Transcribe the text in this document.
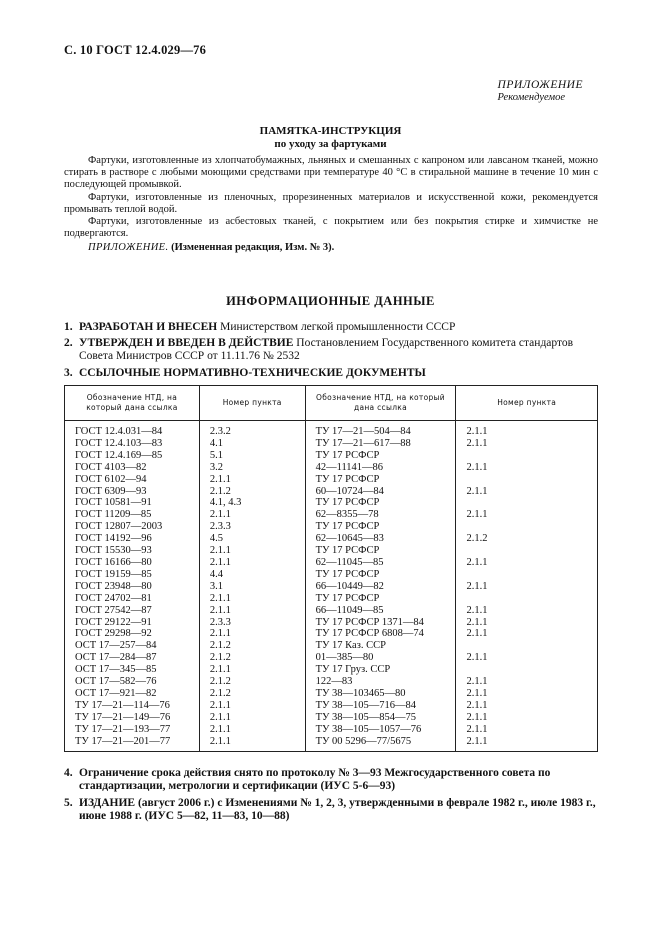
С. 10 ГОСТ 12.4.029—76
ПРИЛОЖЕНИЕ
Рекомендуемое
ПАМЯТКА-ИНСТРУКЦИЯ
по уходу за фартуками

Фартуки, изготовленные из хлопчатобумажных, льняных и смешанных с капроном или лавсаном тканей, можно стирать в растворе с любыми моющими средствами при температуре 40 °С в стиральной машине в течение 10 мин с последующей промывкой.

Фартуки, изготовленные из пленочных, прорезиненных материалов и искусственной кожи, рекомендуется промывать теплой водой.

Фартуки, изготовленные из асбестовых тканей, с покрытием или без покрытия стирке и химчистке не подвергаются.

ПРИЛОЖЕНИЕ. (Измененная редакция, Изм. № 3).

ИНФОРМАЦИОННЫЕ ДАННЫЕ
1. РАЗРАБОТАН И ВНЕСЕН Министерством легкой промышленности СССР
2. УТВЕРЖДЕН И ВВЕДЕН В ДЕЙСТВИЕ Постановлением Государственного комитета стандартов Совета Министров СССР от 11.11.76 № 2532
3. ССЫЛОЧНЫЕ НОРМАТИВНО-ТЕХНИЧЕСКИЕ ДОКУМЕНТЫ
Обозначение НТД, на который дана ссылка	Номер пункта	Обозначение НТД, на который дана ссылка	Номер пункта
ГОСТ 12.4.031—84	2.3.2	ТУ 17—21—504—84	2.1.1
ГОСТ 12.4.103—83	4.1	ТУ 17—21—617—88	2.1.1
ГОСТ 12.4.169—85	5.1	ТУ 17 РСФСР	
ГОСТ 4103—82	3.2	42—11141—86	2.1.1
ГОСТ 6102—94	2.1.1	ТУ 17 РСФСР	
ГОСТ 6309—93	2.1.2	60—10724—84	2.1.1
ГОСТ 10581—91	4.1, 4.3	ТУ 17 РСФСР	
ГОСТ 11209—85	2.1.1	62—8355—78	2.1.1
ГОСТ 12807—2003	2.3.3	ТУ 17 РСФСР	
ГОСТ 14192—96	4.5	62—10645—83	2.1.2
ГОСТ 15530—93	2.1.1	ТУ 17 РСФСР	
ГОСТ 16166—80	2.1.1	62—11045—85	2.1.1
ГОСТ 19159—85	4.4	ТУ 17 РСФСР	
ГОСТ 23948—80	3.1	66—10449—82	2.1.1
ГОСТ 24702—81	2.1.1	ТУ 17 РСФСР	
ГОСТ 27542—87	2.1.1	66—11049—85	2.1.1
ГОСТ 29122—91	2.3.3	ТУ 17 РСФСР 1371—84	2.1.1
ГОСТ 29298—92	2.1.1	ТУ 17 РСФСР 6808—74	2.1.1
ОСТ 17—257—84	2.1.2	ТУ 17 Каз. ССР	
ОСТ 17—284—87	2.1.2	01—385—80	2.1.1
ОСТ 17—345—85	2.1.1	ТУ 17 Груз. ССР	
ОСТ 17—582—76	2.1.2	122—83	2.1.1
ОСТ 17—921—82	2.1.2	ТУ 38—103465—80	2.1.1
ТУ 17—21—114—76	2.1.1	ТУ 38—105—716—84	2.1.1
ТУ 17—21—149—76	2.1.1	ТУ 38—105—854—75	2.1.1
ТУ 17—21—193—77	2.1.1	ТУ 38—105—1057—76	2.1.1
ТУ 17—21—201—77	2.1.1	ТУ 00 5296—77/5675	2.1.1
4. Ограничение срока действия снято по протоколу № 3—93 Межгосударственного совета по стандартизации, метрологии и сертификации (ИУС 5-6—93)
5. ИЗДАНИЕ (август 2006 г.) с Изменениями № 1, 2, 3, утвержденными в феврале 1982 г., июле 1983 г., июне 1988 г. (ИУС 5—82, 11—83, 10—88)
